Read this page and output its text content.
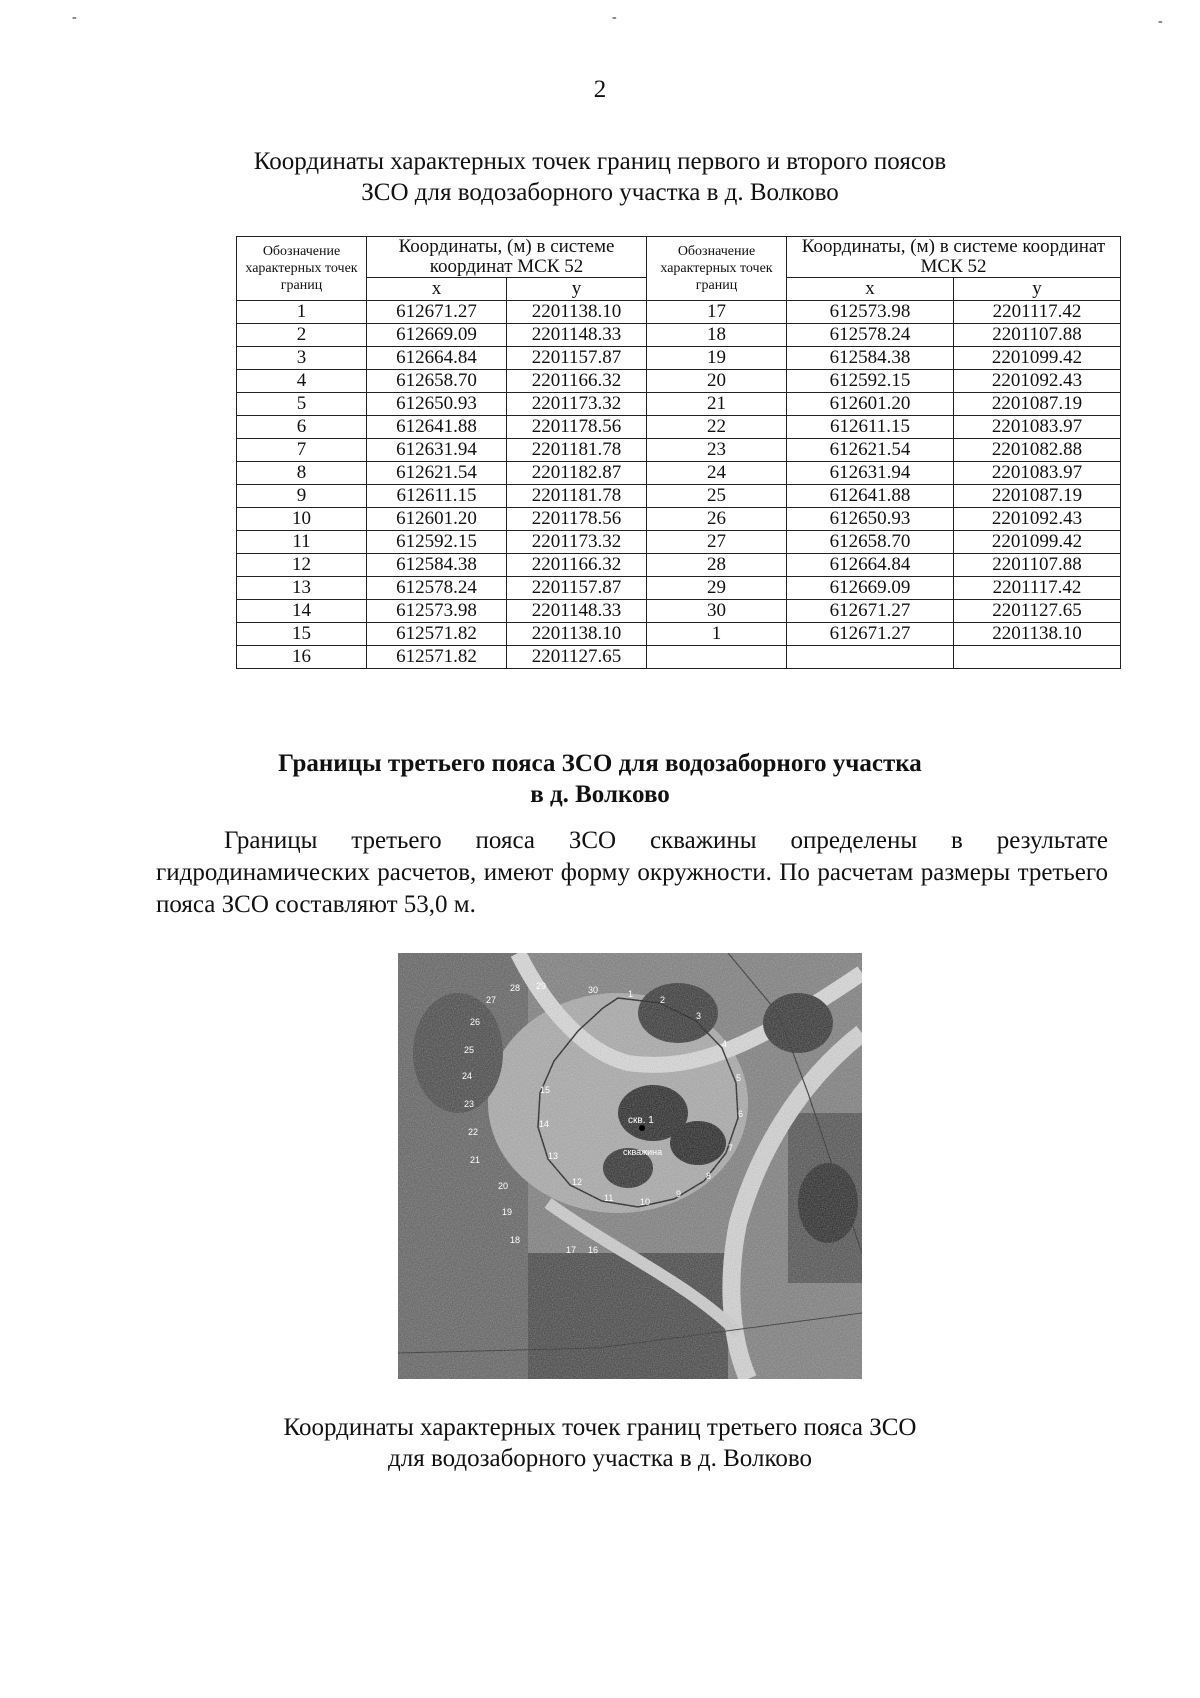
-	-	-
2
Координаты характерных точек границ первого и второго поясов
ЗСО для водозаборного участка в д. Волково
Обозначение характерных точек границ	Координаты, (м) в системе координат МСК 52		Обозначение характерных точек границ	Координаты, (м) в системе координат МСК 52	
	x	y		x	y
1	612671.27	2201138.10	17	612573.98	2201117.42
2	612669.09	2201148.33	18	612578.24	2201107.88
3	612664.84	2201157.87	19	612584.38	2201099.42
4	612658.70	2201166.32	20	612592.15	2201092.43
5	612650.93	2201173.32	21	612601.20	2201087.19
6	612641.88	2201178.56	22	612611.15	2201083.97
7	612631.94	2201181.78	23	612621.54	2201082.88
8	612621.54	2201182.87	24	612631.94	2201083.97
9	612611.15	2201181.78	25	612641.88	2201087.19
10	612601.20	2201178.56	26	612650.93	2201092.43
11	612592.15	2201173.32	27	612658.70	2201099.42
12	612584.38	2201166.32	28	612664.84	2201107.88
13	612578.24	2201157.87	29	612669.09	2201117.42
14	612573.98	2201148.33	30	612671.27	2201127.65
15	612571.82	2201138.10	1	612671.27	2201138.10
16	612571.82	2201127.65			
Границы третьего пояса ЗСО для водозаборного участка
в д. Волково
Границы третьего пояса ЗСО скважины определены в результате гидродинамических расчетов, имеют форму окружности. По расчетам размеры третьего пояса ЗСО составляют 53,0 м.
скв. 1
скважина
1
2
3
4
5
6
7
8
9
10
11
12
13
14
15
16
17
18
19
20
21
22
23
24
25
26
27
28 29	30
Координаты характерных точек границ третьего пояса ЗСО
для водозаборного участка в д. Волково
